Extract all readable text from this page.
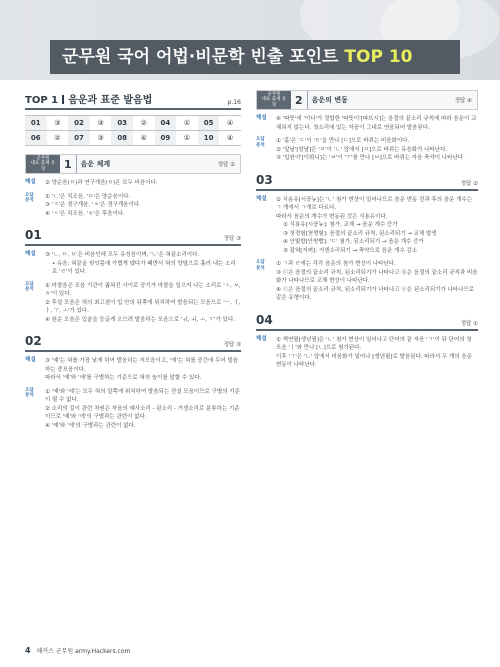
군무원 국어 어법·비문학 빈출 포인트 TOP 10
TOP 1 음운과 표준 발음법	p.16
01	③	02	③	03	②	04	①	05	④
06	②	07	③	08	④	09	①	10	④
군무원
대표 출제 유형	1	음운 체계	정답 ②
해설	② 양순음(ㅁ)과 연구개음(ㅇ)은 모두 비음이다.
오답
분석
① 'ㄴ'은 치조음, 'ㅁ'은 양순음이다.
③ 'ㅈ'은 경구개음, 'ㅊ'은 경구개음이다.
④ 'ㅅ'은 치조음, 'ㅎ'은 후음이다.
01	정답 ③
해설	③ 'ㄴ, ㅁ, ㅇ'은 비음인데 모두 유성음이며, 'ㄴ'은 혀끝소리이다.
• 유음: 혀끝을 윗잇몸에 가볍게 댔다가 떼면서 혀의 양옆으로 흘러 내는 소리로 'ㄹ'이 있다.
오답
분석
① 마찰음은 조음 기관이 좁혀진 사이로 공기가 마찰을 일으켜 나는 소리로 'ㅅ, ㅆ, ㅎ'이 있다.
② 후설 모음은 혀의 최고점이 입 안의 뒤쪽에 위치하여 발음되는 모음으로 'ㅡ, ㅓ, ㅏ, ㅜ, ㅗ'가 있다.
④ 원순 모음은 입술을 둥글게 오므려 발음하는 모음으로 'ㅟ, ㅚ, ㅗ, ㅜ'가 있다.
02	정답 ③
해설	③ '예'는 혀를 가장 낮게 하여 발음하는 저모음이고, '에'는 혀를 중간에 두어 발음하는 중모음이다.
따라서 '예'와 '에'를 구별하는 기준으로 혀의 높이를 말할 수 있다.
오답
분석
① '예'와 '에'는 모두 혀의 앞쪽에 위치하여 발음되는 전설 모음이므로 구별의 기준이 될 수 없다.
② 소리의 길이 관련 차원은 자음의 예사소리 - 된소리 - 거센소리로 분류하는 기준이므로 '예'와 '에'의 구별과는 관련이 없다.
④ '예'와 '에'의 구별과는 관련이 없다.
군무원
대표 출제 유형	2	음운의 변동	정답 ④
해설	④ '따뜻'에 '이다'가 결합한 '따뜻이'[따뜨시]는 음절의 끝소리 규칙에 따라 음운이 교체되지 않는다. 첫소리에 있는 자음이 그대로 연음되어 발음된다.
오답
분석
① '홑'은 'ㄷ'이 'ㅌ'을 만나 [ㄷ]으로 바뀌는 비음화이다.
② '앞날'[암날]은 'ㅍ'이 'ㄴ' 앞에서 [ㅁ]으로 바뀌는 유음화가 나타난다.
③ '입원이'[이붜니]는 'ㅂ'이 'ㅜ'를 만나 [ㅂ]으로 바뀌는 자음 축약이 나타난다.
03	정답 ②
해설	② 식용유[시굥뉴]는 'ㄴ' 첨가 현상이 일어나므로 음운 변동 전과 후의 음운 개수는 ㄱ 개에서 ㄱ개로 다르다.
따라서 음운의 개수가 변동된 것은 식용유이다.
① 식용유[시굥뉴]: 첨가, 교체 → 음운 개수 증가
③ 첫경험[첟꼉험]: 음절의 끝소리 규칙, 된소리되기 → 교체 발생
④ 안빛밥[안빋빱]: 'ㄷ' 첨가, 된소리되기 → 음운 개수 증가
⑤ 잡혀[자펴]: 거센소리되기 → 축약으로 음운 개수 감소
오답
분석
① ㄱ과 ㄹ에는 각각 음운의 첨가 현상이 나타난다.
③ ⓒ은 음절의 끝소리 규칙, 된소리되기가 나타나고 ⓓ은 음절의 끝소리 규칙과 비음화가 나타나므로 교체 현상이 나타난다.
④ ⓒ은 음절의 끝소리 규칙, 된소리되기가 나타나고 ⓔ은 된소리되기가 나타나므로 같은 유형이다.
04	정답 ①
해설	① 색연필[생년필]은 'ㄴ' 첨가 현상이 일어나고 단어의 끝 자음 'ㄱ'이 뒤 단어의 첫 모음 'ㅣ'와 만나 [ㄴ]으로 첨가된다.
이후 'ㄱ'은 'ㄴ' 앞에서 비음화가 일어나 [생년필]로 발음된다. 따라서 두 개의 음운 변동이 나타난다.
4 해커스 군무원 army.Hackers.com
